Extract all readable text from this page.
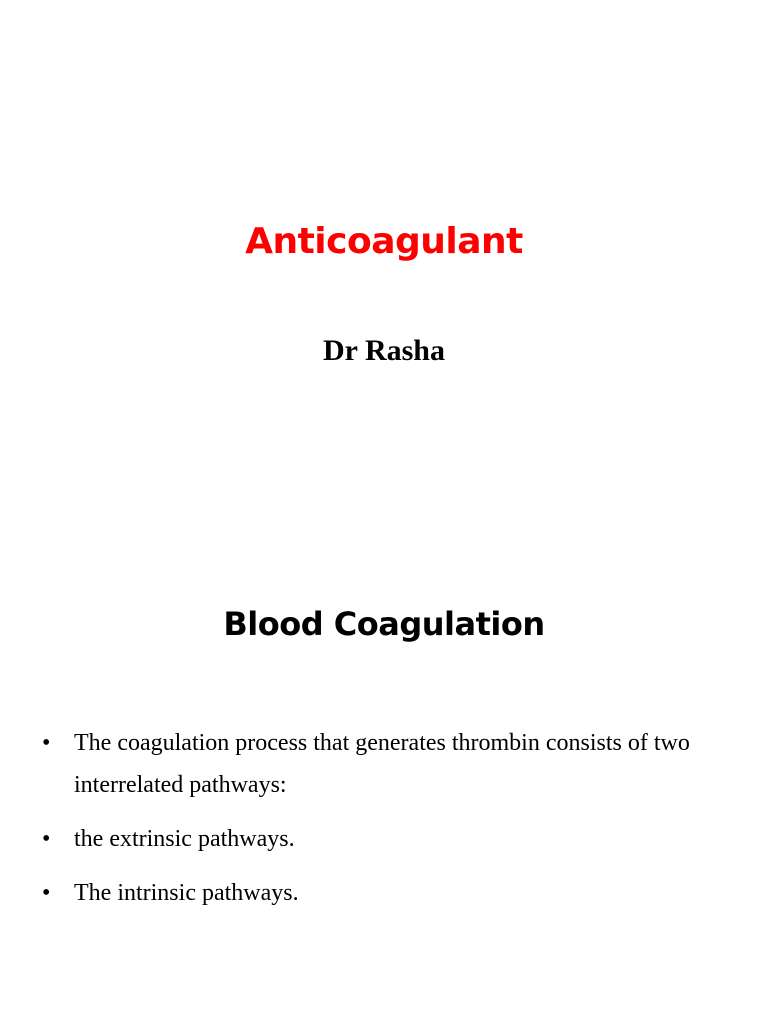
Anticoagulant
Dr Rasha
Blood Coagulation
• The coagulation process that generates thrombin consists of two interrelated pathways:
• the extrinsic pathways.
• The intrinsic pathways.
